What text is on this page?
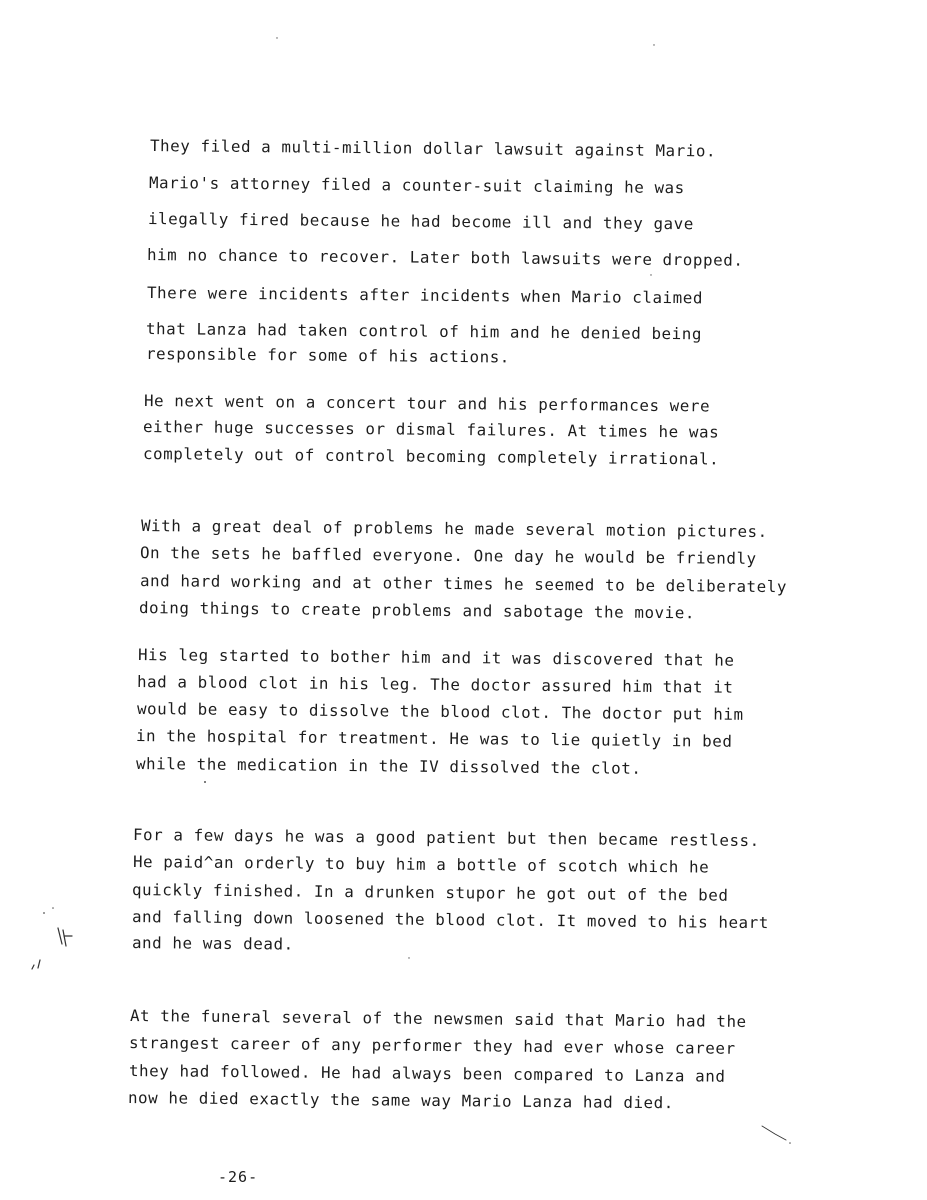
They filed a multi-million dollar lawsuit against Mario.
Mario's attorney filed a counter-suit claiming he was
ilegally fired because he had become ill and they gave
him no chance to recover. Later both lawsuits were dropped.
There were incidents after incidents when Mario claimed
that Lanza had taken control of him and he denied being
responsible for some of his actions.
He next went on a concert tour and his performances were
either huge successes or dismal failures. At times he was
completely out of control becoming completely irrational.
With a great deal of problems he made several motion pictures.
On the sets he baffled everyone. One day he would be friendly
and hard working and at other times he seemed to be deliberately
doing things to create problems and sabotage the movie.
His leg started to bother him and it was discovered that he
had a blood clot in his leg. The doctor assured him that it
would be easy to dissolve the blood clot. The doctor put him
in the hospital for treatment. He was to lie quietly in bed
while the medication in the IV dissolved the clot.
For a few days he was a good patient but then became restless.
He paid^an orderly to buy him a bottle of scotch which he
quickly finished. In a drunken stupor he got out of the bed
and falling down loosened the blood clot. It moved to his heart
and he was dead.
At the funeral several of the newsmen said that Mario had the
strangest career of any performer they had ever whose career
they had followed. He had always been compared to Lanza and
now he died exactly the same way Mario Lanza had died.
-26-
